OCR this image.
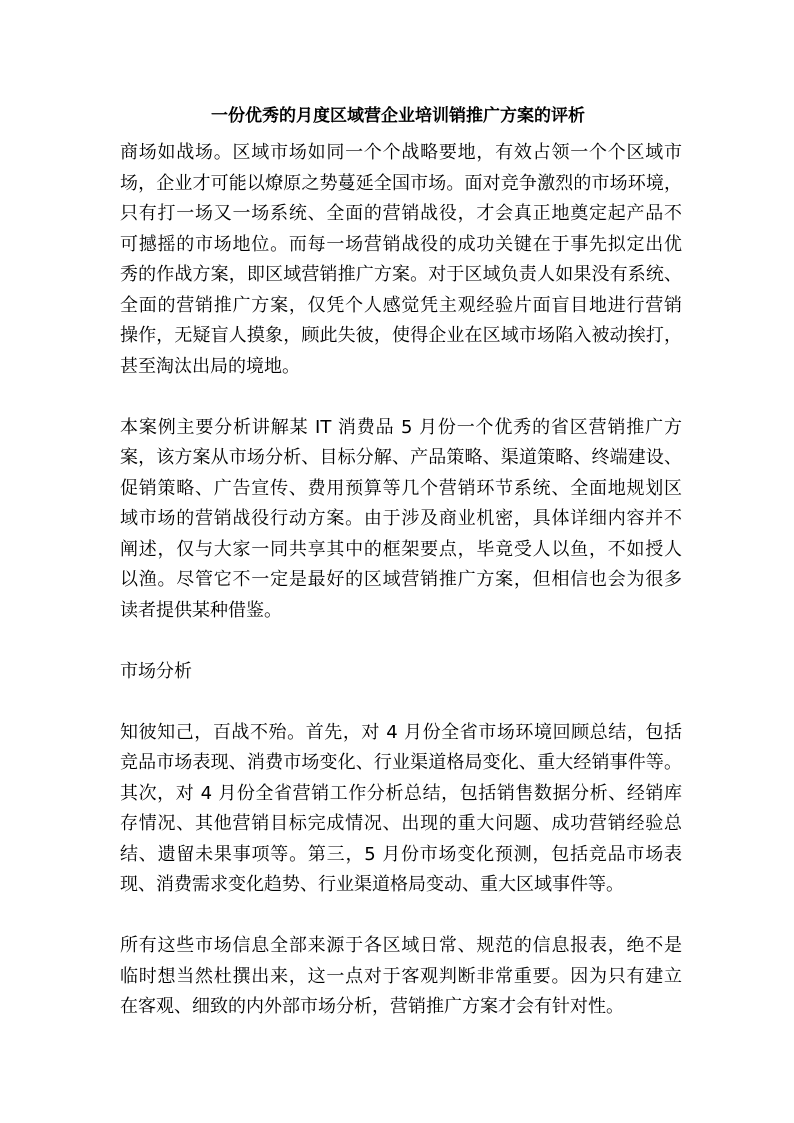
一份优秀的月度区域营企业培训销推广方案的评析

商场如战场。区域市场如同一个个战略要地，有效占领一个个区域市
场，企业才可能以燎原之势蔓延全国市场。面对竞争激烈的市场环境，
只有打一场又一场系统、全面的营销战役，才会真正地奠定起产品不
可撼摇的市场地位。而每一场营销战役的成功关键在于事先拟定出优
秀的作战方案，即区域营销推广方案。对于区域负责人如果没有系统、
全面的营销推广方案，仅凭个人感觉凭主观经验片面盲目地进行营销
操作，无疑盲人摸象，顾此失彼，使得企业在区域市场陷入被动挨打，
甚至淘汰出局的境地。

本案例主要分析讲解某 IT 消费品 5 月份一个优秀的省区营销推广方
案，该方案从市场分析、目标分解、产品策略、渠道策略、终端建设、
促销策略、广告宣传、费用预算等几个营销环节系统、全面地规划区
域市场的营销战役行动方案。由于涉及商业机密，具体详细内容并不
阐述，仅与大家一同共享其中的框架要点，毕竟受人以鱼，不如授人
以渔。尽管它不一定是最好的区域营销推广方案，但相信也会为很多
读者提供某种借鉴。

市场分析

知彼知己，百战不殆。首先，对 4 月份全省市场环境回顾总结，包括
竞品市场表现、消费市场变化、行业渠道格局变化、重大经销事件等。
其次，对 4 月份全省营销工作分析总结，包括销售数据分析、经销库
存情况、其他营销目标完成情况、出现的重大问题、成功营销经验总
结、遗留未果事项等。第三，5 月份市场变化预测，包括竞品市场表
现、消费需求变化趋势、行业渠道格局变动、重大区域事件等。

所有这些市场信息全部来源于各区域日常、规范的信息报表，绝不是
临时想当然杜撰出来，这一点对于客观判断非常重要。因为只有建立
在客观、细致的内外部市场分析，营销推广方案才会有针对性。
